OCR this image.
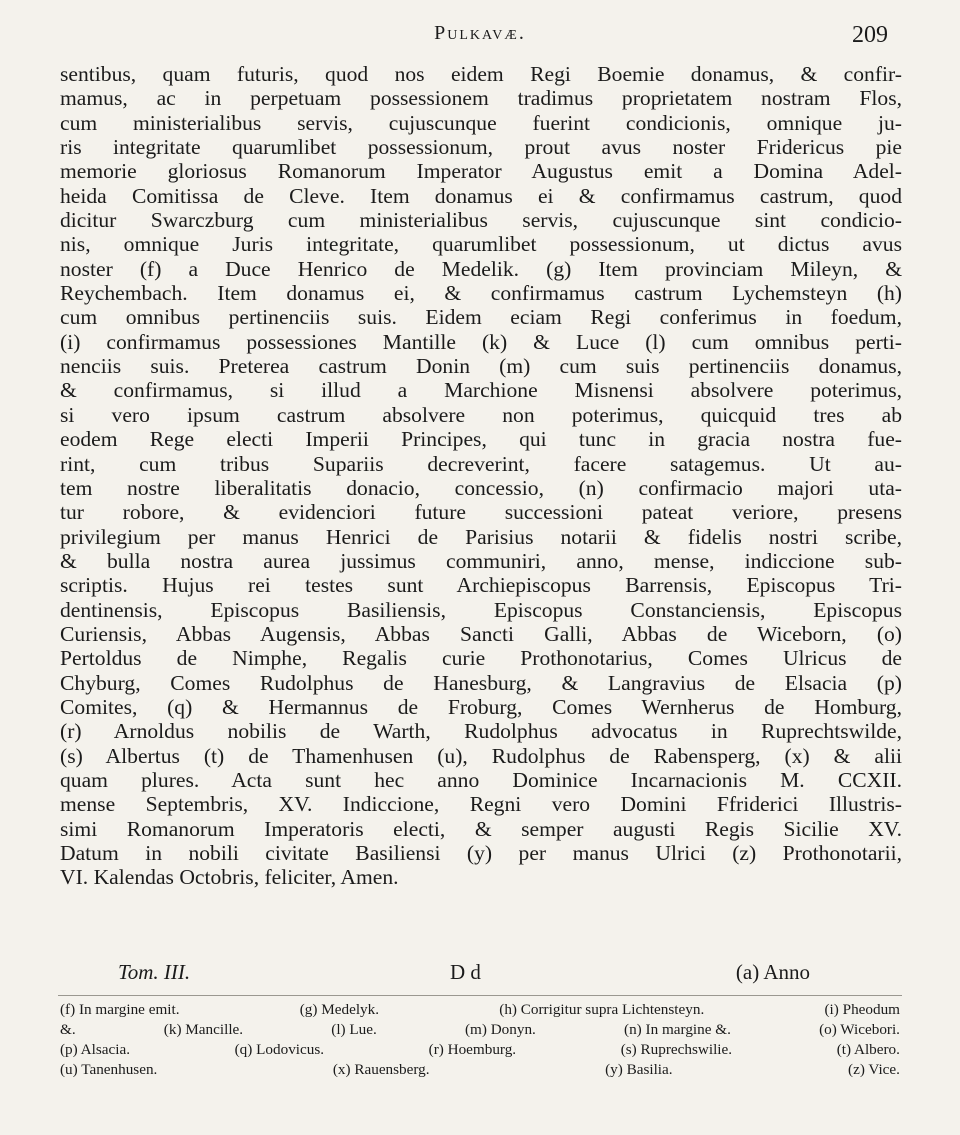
Pulkavæ.	209
sentibus, quam futuris, quod nos eidem Regi Boemie donamus, & confir-
mamus, ac in perpetuam possessionem tradimus proprietatem nostram Flos,
cum ministerialibus servis, cujuscunque fuerint condicionis, omnique ju-
ris integritate quarumlibet possessionum, prout avus noster Fridericus pie
memorie gloriosus Romanorum Imperator Augustus emit a Domina Adel-
heida Comitissa de Cleve. Item donamus ei & confirmamus castrum, quod
dicitur Swarczburg cum ministerialibus servis, cujuscunque sint condicio-
nis, omnique Juris integritate, quarumlibet possessionum, ut dictus avus
noster (f) a Duce Henrico de Medelik. (g) Item provinciam Mileyn, &
Reychembach. Item donamus ei, & confirmamus castrum Lychemsteyn (h)
cum omnibus pertinenciis suis. Eidem eciam Regi conferimus in foedum,
(i) confirmamus possessiones Mantille (k) & Luce (l) cum omnibus perti-
nenciis suis. Preterea castrum Donin (m) cum suis pertinenciis donamus,
& confirmamus, si illud a Marchione Misnensi absolvere poterimus,
si vero ipsum castrum absolvere non poterimus, quicquid tres ab
eodem Rege electi Imperii Principes, qui tunc in gracia nostra fue-
rint, cum tribus Supariis decreverint, facere satagemus. Ut au-
tem nostre liberalitatis donacio, concessio, (n) confirmacio majori uta-
tur robore, & evidenciori future successioni pateat veriore, presens
privilegium per manus Henrici de Parisius notarii & fidelis nostri scribe,
& bulla nostra aurea jussimus communiri, anno, mense, indiccione sub-
scriptis. Hujus rei testes sunt Archiepiscopus Barrensis, Episcopus Tri-
dentinensis, Episcopus Basiliensis, Episcopus Constanciensis, Episcopus
Curiensis, Abbas Augensis, Abbas Sancti Galli, Abbas de Wiceborn, (o)
Pertoldus de Nimphe, Regalis curie Prothonotarius, Comes Ulricus de
Chyburg, Comes Rudolphus de Hanesburg, & Langravius de Elsacia (p)
Comites, (q) & Hermannus de Froburg, Comes Wernherus de Homburg,
(r) Arnoldus nobilis de Warth, Rudolphus advocatus in Ruprechtswilde,
(s) Albertus (t) de Thamenhusen (u), Rudolphus de Rabensperg, (x) & alii
quam plures. Acta sunt hec anno Dominice Incarnacionis M. CCXII.
mense Septembris, XV. Indiccione, Regni vero Domini Ffriderici Illustris-
simi Romanorum Imperatoris electi, & semper augusti Regis Sicilie XV.
Datum in nobili civitate Basiliensi (y) per manus Ulrici (z) Prothonotarii,
VI. Kalendas Octobris, feliciter, Amen.
Tom. III.	D d	(a) Anno
(f) In margine emit.	(g) Medelyk.	(h) Corrigitur supra Lichtensteyn.	(i) Pheodum
&.	(k) Mancille.	(l) Lue.	(m) Donyn.	(n) In margine &.	(o) Wicebori.
(p) Alsacia.	(q) Lodovicus.	(r) Hoemburg.	(s) Ruprechswilie.	(t) Albero.
(u) Tanenhusen.	(x) Rauensberg.	(y) Basilia.	(z) Vice.
